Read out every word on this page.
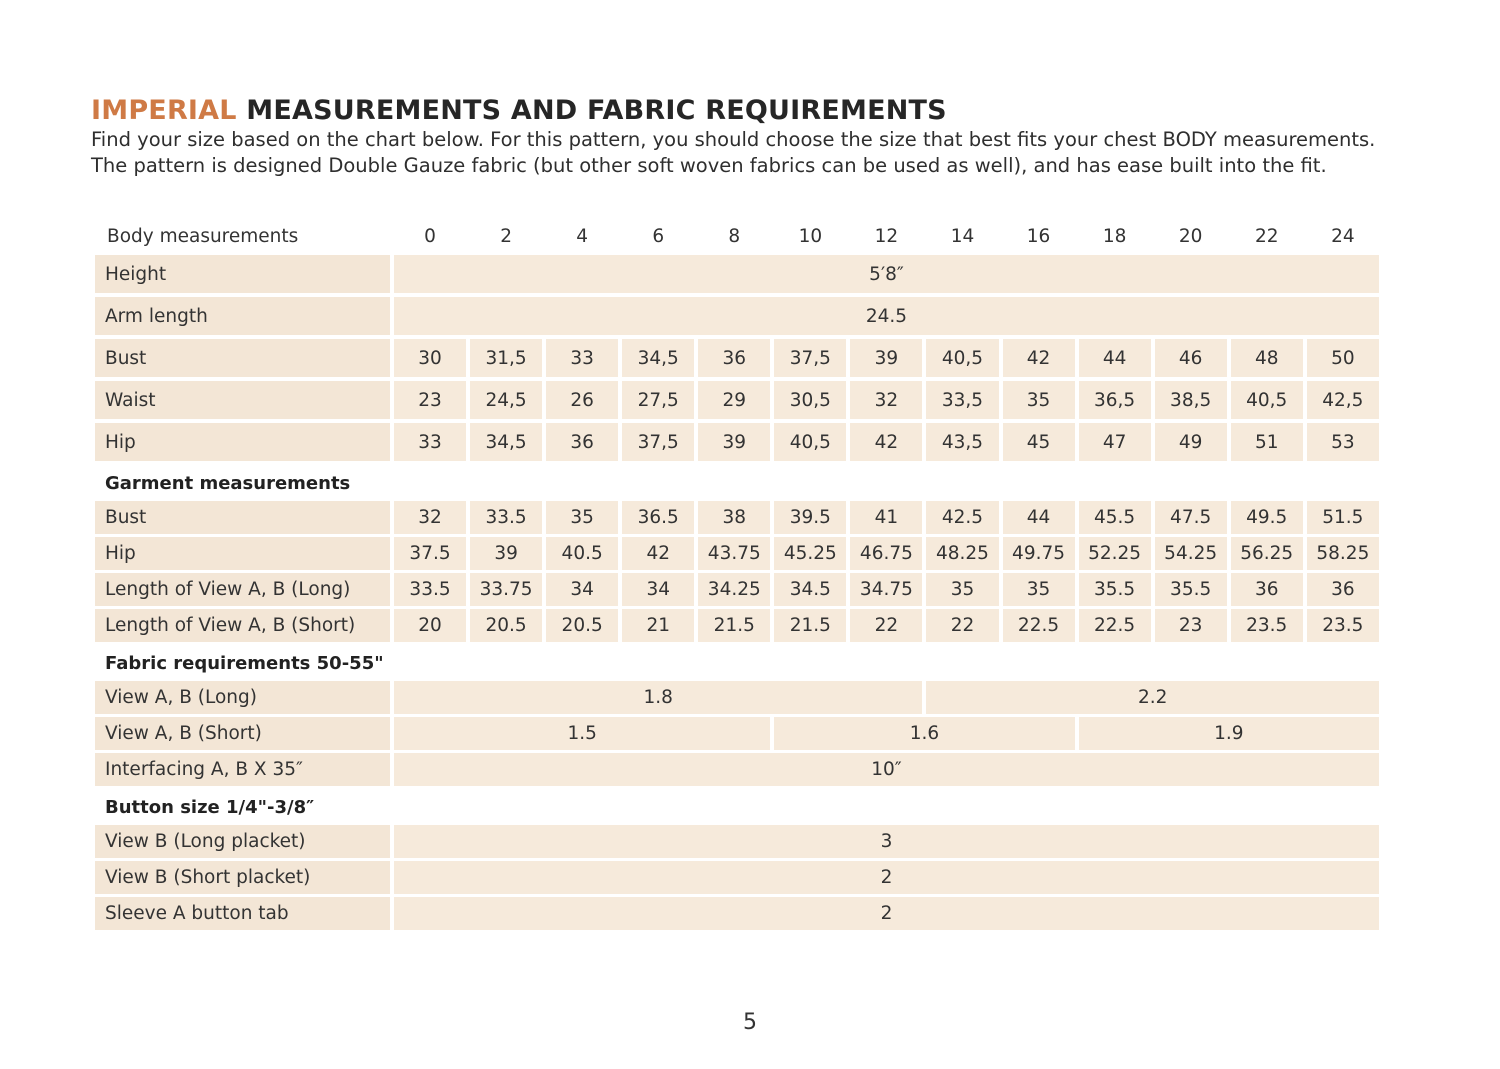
IMPERIAL MEASUREMENTS AND FABRIC REQUIREMENTS

Find your size based on the chart below. For this pattern, you should choose the size that best fits your chest BODY measurements.

The pattern is designed Double Gauze fabric (but other soft woven fabrics can be used as well), and has ease built into the fit.

Body measurements	0	2	4	6	8	10	12	14	16	18	20	22	24
Height	5′8″												
Arm length	24.5												
Bust	30	31,5	33	34,5	36	37,5	39	40,5	42	44	46	48	50
Waist	23	24,5	26	27,5	29	30,5	32	33,5	35	36,5	38,5	40,5	42,5
Hip	33	34,5	36	37,5	39	40,5	42	43,5	45	47	49	51	53
Garment measurements													
Bust	32	33.5	35	36.5	38	39.5	41	42.5	44	45.5	47.5	49.5	51.5
Hip	37.5	39	40.5	42	43.75	45.25	46.75	48.25	49.75	52.25	54.25	56.25	58.25
Length of View A, B (Long)	33.5	33.75	34	34	34.25	34.5	34.75	35	35	35.5	35.5	36	36
Length of View A, B (Short)	20	20.5	20.5	21	21.5	21.5	22	22	22.5	22.5	23	23.5	23.5
Fabric requirements 50-55"													
View A, B (Long)	1.8							2.2					
View A, B (Short)	1.5					1.6				1.9			
Interfacing A, B X 35″	10″												
Button size 1/4"-3/8″													
View B (Long placket)	3												
View B (Short placket)	2												
Sleeve A button tab	2												
5
